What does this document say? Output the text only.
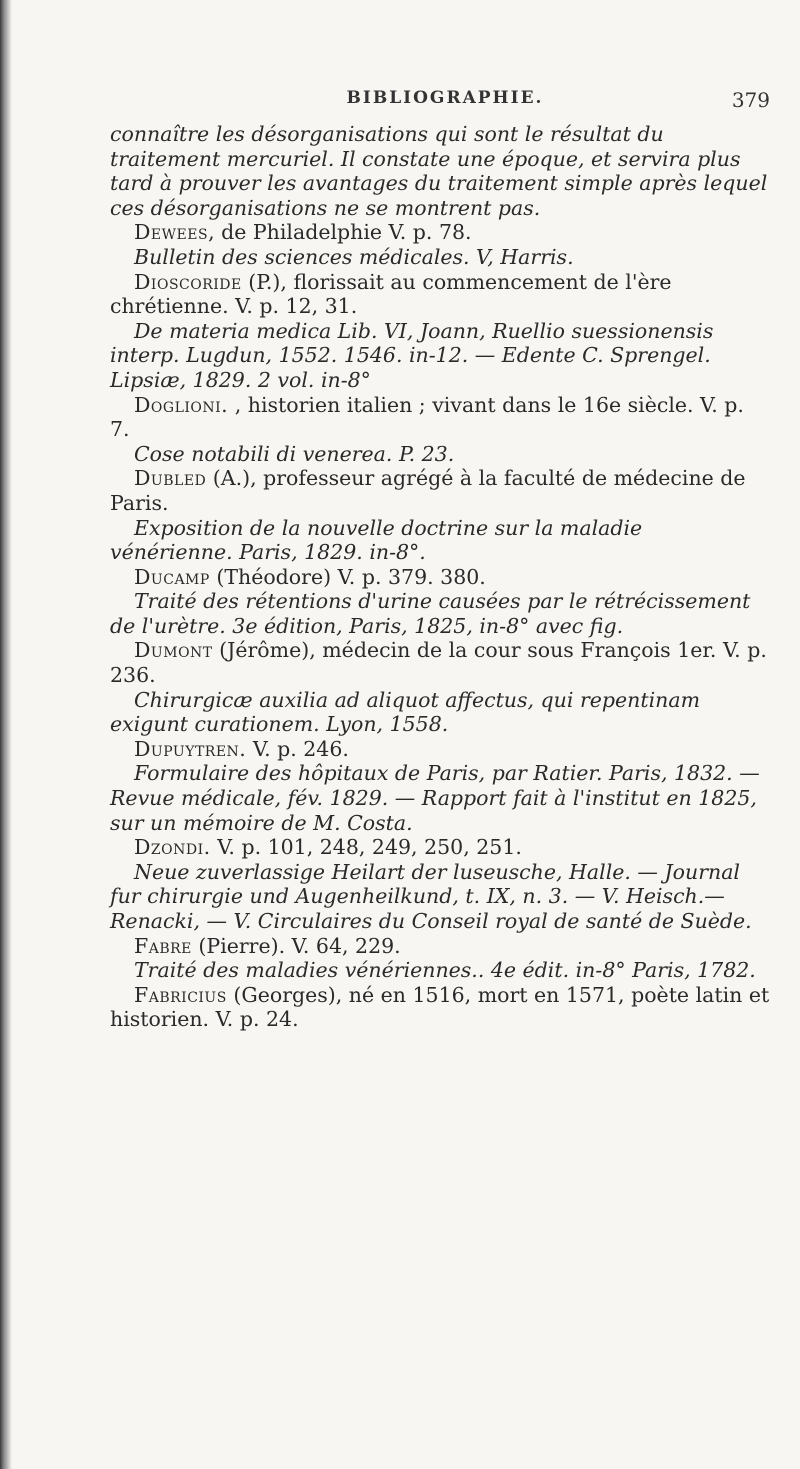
BIBLIOGRAPHIE.	379

connaître les désorganisations qui sont le résultat du traitement mercuriel. Il constate une époque, et servira plus tard à prouver les avantages du traitement simple après lequel ces désorganisations ne se montrent pas.

Dewees, de Philadelphie V. p. 78.

Bulletin des sciences médicales. V, Harris.

Dioscoride (P.), florissait au commencement de l'ère chrétienne. V. p. 12, 31.

De materia medica Lib. VI, Joann, Ruellio suessionensis interp. Lugdun, 1552. 1546. in-12. — Edente C. Sprengel. Lipsiæ, 1829. 2 vol. in-8°

Doglioni. , historien italien ; vivant dans le 16e siècle. V. p. 7.

Cose notabili di venerea. P. 23.

Dubled (A.), professeur agrégé à la faculté de médecine de Paris.

Exposition de la nouvelle doctrine sur la maladie vénérienne. Paris, 1829. in-8°.

Ducamp (Théodore) V. p. 379. 380.

Traité des rétentions d'urine causées par le rétrécissement de l'urètre. 3e édition, Paris, 1825, in-8° avec fig.

Dumont (Jérôme), médecin de la cour sous François 1er. V. p. 236.

Chirurgicæ auxilia ad aliquot affectus, qui repentinam exigunt curationem. Lyon, 1558.

Dupuytren. V. p. 246.

Formulaire des hôpitaux de Paris, par Ratier. Paris, 1832. — Revue médicale, fév. 1829. — Rapport fait à l'institut en 1825, sur un mémoire de M. Costa.

Dzondi. V. p. 101, 248, 249, 250, 251.

Neue zuverlassige Heilart der luseusche, Halle. — Journal fur chirurgie und Augenheilkund, t. IX, n. 3. — V. Heisch.— Renacki, — V. Circulaires du Conseil royal de santé de Suède.

Fabre (Pierre). V. 64, 229.

Traité des maladies vénériennes.. 4e édit. in-8° Paris, 1782.

Fabricius (Georges), né en 1516, mort en 1571, poète latin et historien. V. p. 24.
